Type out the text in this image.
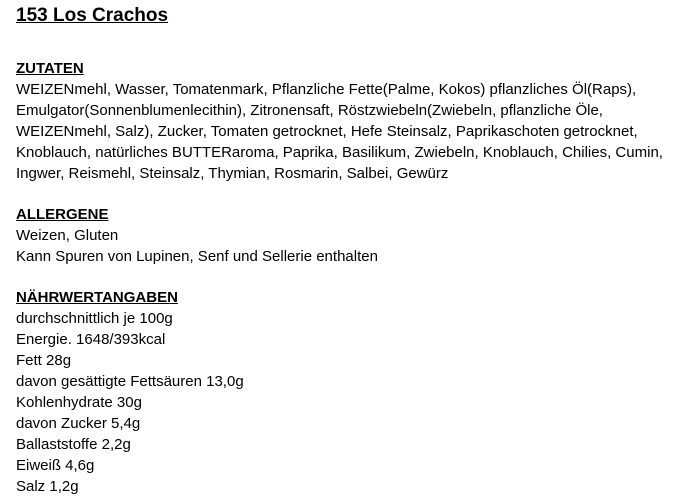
153 Los Crachos
ZUTATEN
WEIZENmehl, Wasser, Tomatenmark, Pflanzliche Fette(Palme, Kokos) pflanzliches Öl(Raps),
Emulgator(Sonnenblumenlecithin), Zitronensaft, Röstzwiebeln(Zwiebeln, pflanzliche Öle,
WEIZENmehl, Salz), Zucker, Tomaten getrocknet, Hefe Steinsalz, Paprikaschoten getrocknet,
Knoblauch, natürliches BUTTERaroma, Paprika, Basilikum, Zwiebeln, Knoblauch, Chilies, Cumin,
Ingwer, Reismehl, Steinsalz, Thymian, Rosmarin, Salbei, Gewürz
ALLERGENE
Weizen, Gluten
Kann Spuren von Lupinen, Senf und Sellerie enthalten
NÄHRWERTANGABEN
durchschnittlich je 100g
Energie. 1648/393kcal
Fett 28g
davon gesättigte Fettsäuren 13,0g
Kohlenhydrate 30g
davon Zucker 5,4g
Ballaststoffe 2,2g
Eiweiß 4,6g
Salz 1,2g
